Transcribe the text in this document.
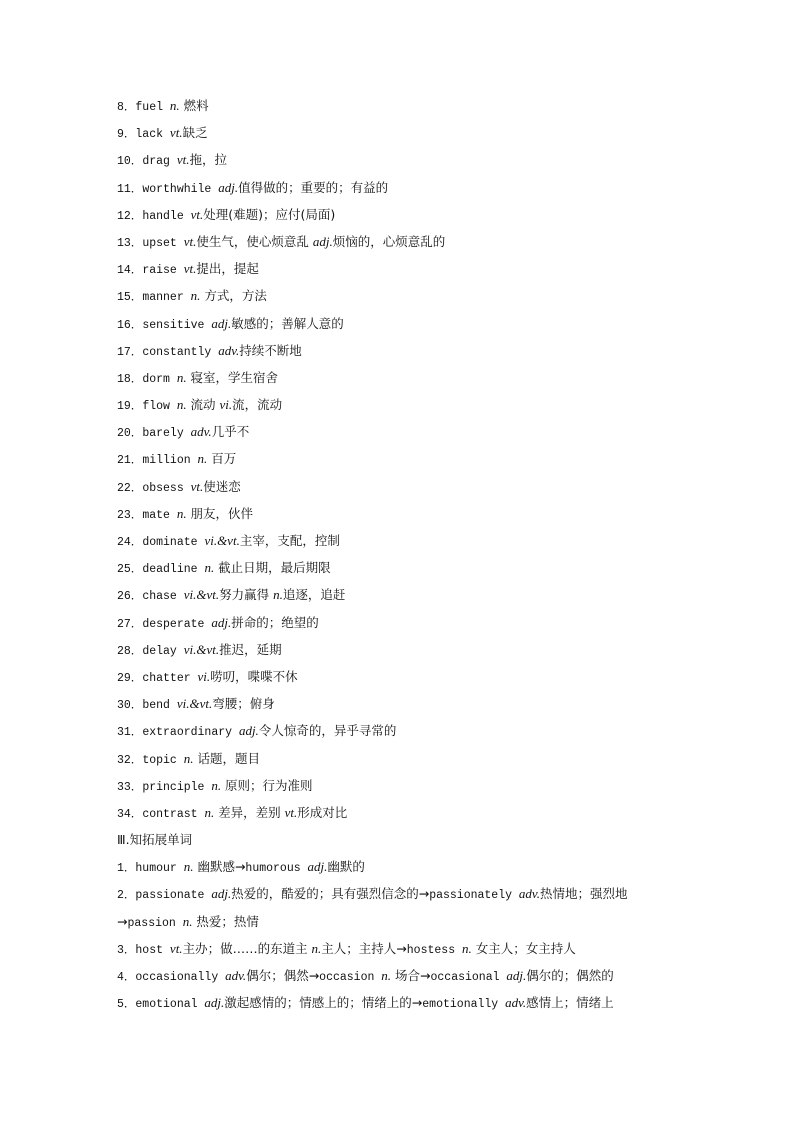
8．fuel n. 燃料
9．lack vt.缺乏
10．drag vt.拖，拉
11．worthwhile adj.值得做的；重要的；有益的
12．handle vt.处理(难题)；应付(局面)
13．upset vt.使生气，使心烦意乱 adj.烦恼的，心烦意乱的
14．raise vt.提出，提起
15．manner n. 方式，方法
16．sensitive adj.敏感的；善解人意的
17．constantly adv.持续不断地
18．dorm n. 寝室，学生宿舍
19．flow n. 流动 vi.流，流动
20．barely adv.几乎不
21．million n. 百万
22．obsess vt.使迷恋
23．mate n. 朋友，伙伴
24．dominate vi.&vt.主宰，支配，控制
25．deadline n. 截止日期，最后期限
26．chase vi.&vt.努力赢得 n.追逐，追赶
27．desperate adj.拼命的；绝望的
28．delay vi.&vt.推迟，延期
29．chatter vi.唠叨，喋喋不休
30．bend vi.&vt.弯腰；俯身
31．extraordinary adj.令人惊奇的，异乎寻常的
32．topic n. 话题，题目
33．principle n. 原则；行为准则
34．contrast n. 差异，差别 vt.形成对比
Ⅲ.知拓展单词
1．humour n. 幽默感→humorous adj.幽默的
2．passionate adj.热爱的，酷爱的；具有强烈信念的→passionately adv.热情地；强烈地
→passion n. 热爱；热情
3．host vt.主办；做……的东道主 n.主人；主持人→hostess n. 女主人；女主持人
4．occasionally adv.偶尔；偶然→occasion n. 场合→occasional adj.偶尔的；偶然的
5．emotional adj.激起感情的；情感上的；情绪上的→emotionally adv.感情上；情绪上
